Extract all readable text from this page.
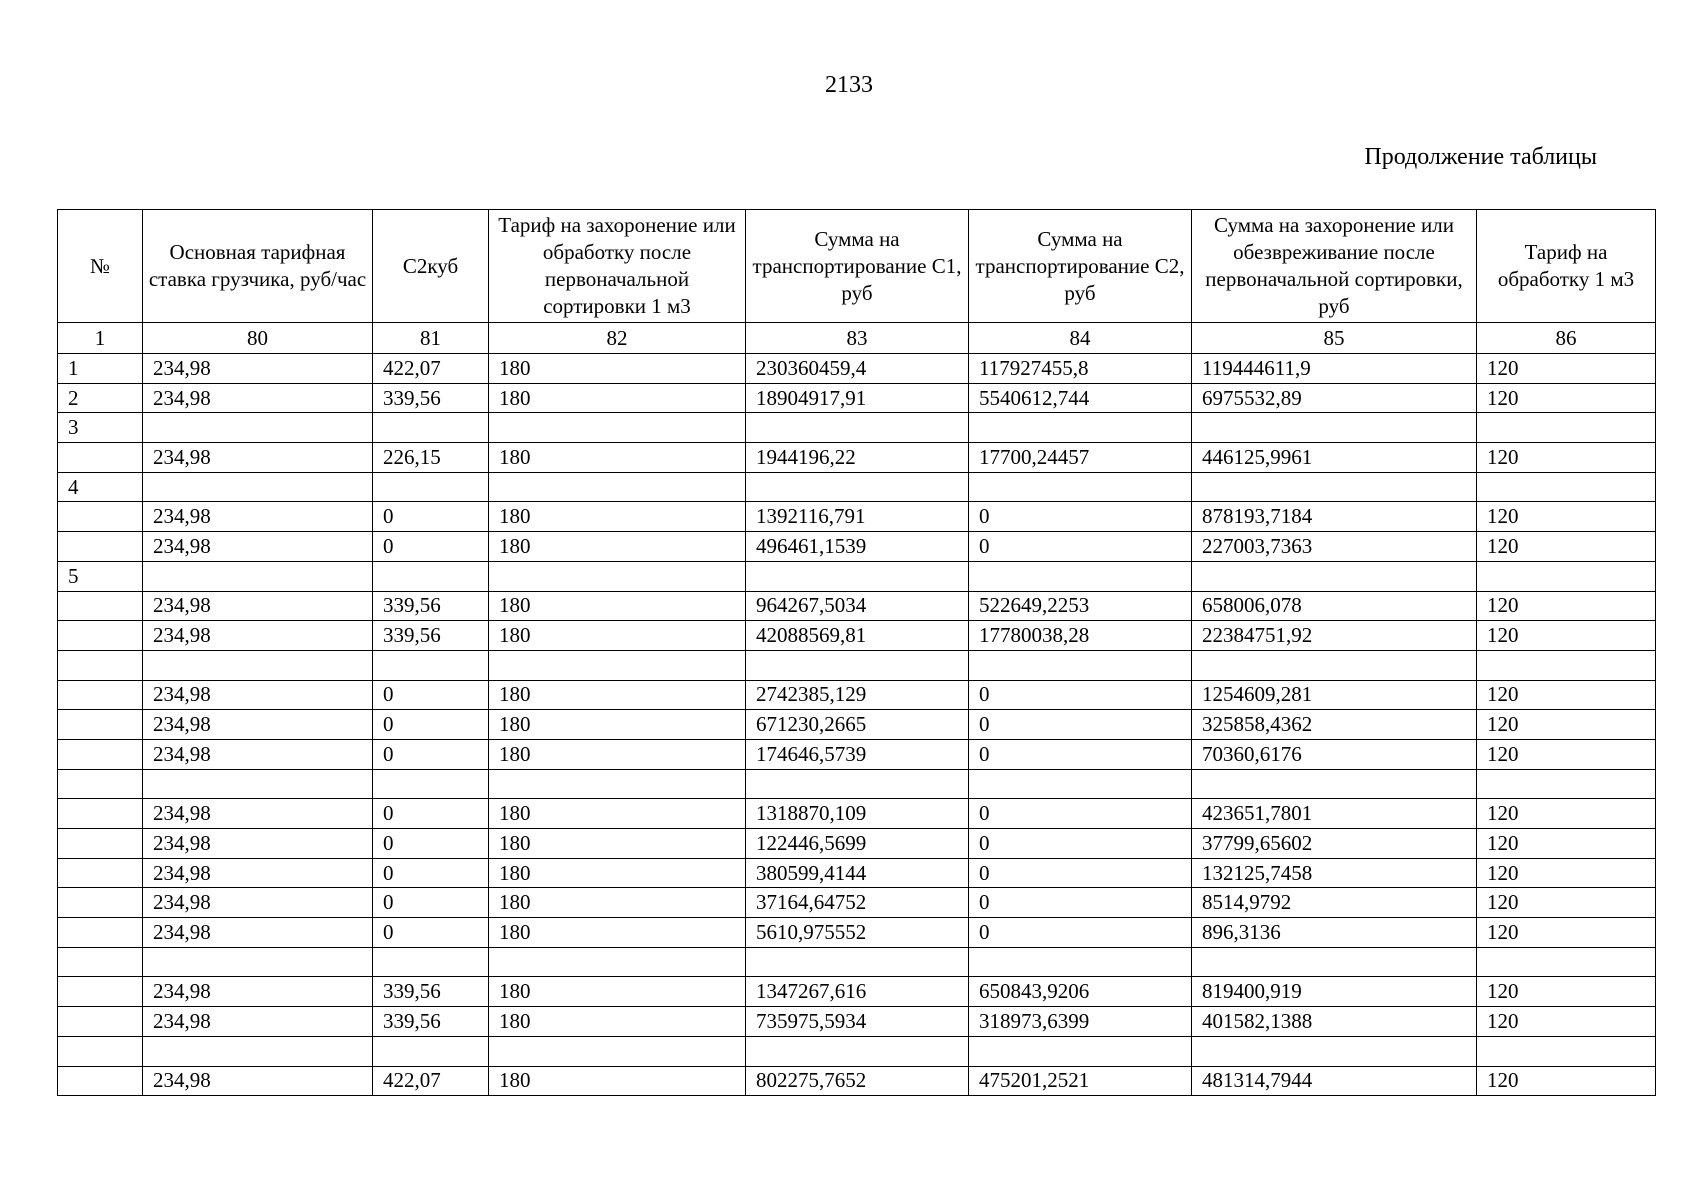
2133
Продолжение таблицы
№	Основная тарифная ставка грузчика, руб/час	С2куб	Тариф на захоронение или обработку после первоначальной сортировки 1 м3	Сумма на транспортирование С1, руб	Сумма на транспортирование С2, руб	Сумма на захоронение или обезвреживание после первоначальной сортировки, руб	Тариф на обработку 1 м3
1	80	81	82	83	84	85	86
1	234,98	422,07	180	230360459,4	117927455,8	119444611,9	120
2	234,98	339,56	180	18904917,91	5540612,744	6975532,89	120
3							
	234,98	226,15	180	1944196,22	17700,24457	446125,9961	120
4							
	234,98	0	180	1392116,791	0	878193,7184	120
	234,98	0	180	496461,1539	0	227003,7363	120
5							
	234,98	339,56	180	964267,5034	522649,2253	658006,078	120
	234,98	339,56	180	42088569,81	17780038,28	22384751,92	120

	234,98	0	180	2742385,129	0	1254609,281	120
	234,98	0	180	671230,2665	0	325858,4362	120
	234,98	0	180	174646,5739	0	70360,6176	120

	234,98	0	180	1318870,109	0	423651,7801	120
	234,98	0	180	122446,5699	0	37799,65602	120
	234,98	0	180	380599,4144	0	132125,7458	120
	234,98	0	180	37164,64752	0	8514,9792	120
	234,98	0	180	5610,975552	0	896,3136	120

	234,98	339,56	180	1347267,616	650843,9206	819400,919	120
	234,98	339,56	180	735975,5934	318973,6399	401582,1388	120

	234,98	422,07	180	802275,7652	475201,2521	481314,7944	120
